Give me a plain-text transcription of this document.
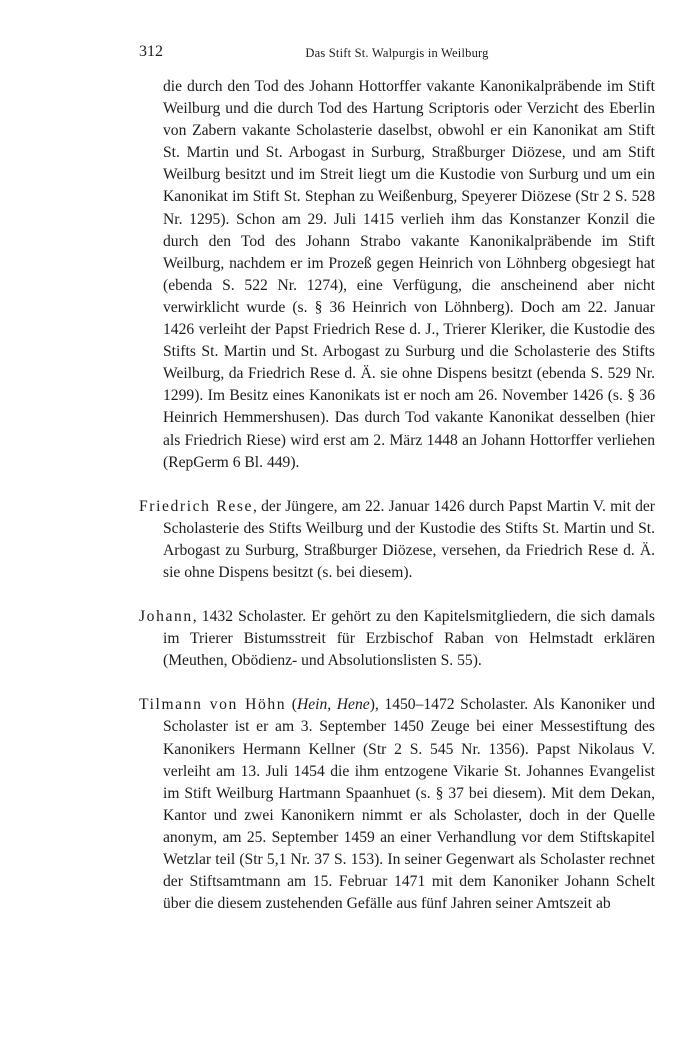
312	Das Stift St. Walpurgis in Weilburg

die durch den Tod des Johann Hottorffer vakante Kanonikalpräbende im Stift Weilburg und die durch Tod des Hartung Scriptoris oder Verzicht des Eberlin von Zabern vakante Scholasterie daselbst, obwohl er ein Kanonikat am Stift St. Martin und St. Arbogast in Surburg, Straßburger Diözese, und am Stift Weilburg besitzt und im Streit liegt um die Kustodie von Surburg und um ein Kanonikat im Stift St. Stephan zu Weißenburg, Speyerer Diözese (Str 2 S. 528 Nr. 1295). Schon am 29. Juli 1415 verlieh ihm das Konstanzer Konzil die durch den Tod des Johann Strabo vakante Kanonikalpräbende im Stift Weilburg, nachdem er im Prozeß gegen Heinrich von Löhnberg obgesiegt hat (ebenda S. 522 Nr. 1274), eine Verfügung, die anscheinend aber nicht verwirklicht wurde (s. § 36 Heinrich von Löhnberg). Doch am 22. Januar 1426 verleiht der Papst Friedrich Rese d. J., Trierer Kleriker, die Kustodie des Stifts St. Martin und St. Arbogast zu Surburg und die Scholasterie des Stifts Weilburg, da Friedrich Rese d. Ä. sie ohne Dispens besitzt (ebenda S. 529 Nr. 1299). Im Besitz eines Kanonikats ist er noch am 26. November 1426 (s. § 36 Heinrich Hemmershusen). Das durch Tod vakante Kanonikat desselben (hier als Friedrich Riese) wird erst am 2. März 1448 an Johann Hottorffer verliehen (RepGerm 6 Bl. 449).

Friedrich Rese, der Jüngere, am 22. Januar 1426 durch Papst Martin V. mit der Scholasterie des Stifts Weilburg und der Kustodie des Stifts St. Martin und St. Arbogast zu Surburg, Straßburger Diözese, versehen, da Friedrich Rese d. Ä. sie ohne Dispens besitzt (s. bei diesem).

Johann, 1432 Scholaster. Er gehört zu den Kapitelsmitgliedern, die sich damals im Trierer Bistumsstreit für Erzbischof Raban von Helmstadt erklären (Meuthen, Obödienz- und Absolutionslisten S. 55).

Tilmann von Höhn (Hein, Hene), 1450–1472 Scholaster. Als Kanoniker und Scholaster ist er am 3. September 1450 Zeuge bei einer Messestiftung des Kanonikers Hermann Kellner (Str 2 S. 545 Nr. 1356). Papst Nikolaus V. verleiht am 13. Juli 1454 die ihm entzogene Vikarie St. Johannes Evangelist im Stift Weilburg Hartmann Spaanhuet (s. § 37 bei diesem). Mit dem Dekan, Kantor und zwei Kanonikern nimmt er als Scholaster, doch in der Quelle anonym, am 25. September 1459 an einer Verhandlung vor dem Stiftskapitel Wetzlar teil (Str 5,1 Nr. 37 S. 153). In seiner Gegenwart als Scholaster rechnet der Stiftsamtmann am 15. Februar 1471 mit dem Kanoniker Johann Schelt über die diesem zustehenden Gefälle aus fünf Jahren seiner Amtszeit ab
